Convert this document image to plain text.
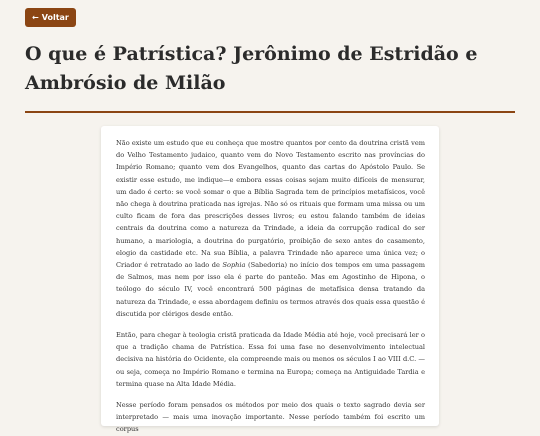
← Voltar
O que é Patrística? Jerônimo de Estridão e Ambrósio de Milão

Não existe um estudo que eu conheça que mostre quantos por cento da doutrina cristã vem do Velho Testamento judaico, quanto vem do Novo Testamento escrito nas províncias do Império Romano; quanto vem dos Evangelhos, quanto das cartas do Apóstolo Paulo. Se existir esse estudo, me indique—e embora essas coisas sejam muito difíceis de mensurar, um dado é certo: se você somar o que a Bíblia Sagrada tem de princípios metafísicos, você não chega à doutrina praticada nas igrejas. Não só os rituais que formam uma missa ou um culto ficam de fora das prescrições desses livros; eu estou falando também de ideias centrais da doutrina como a natureza da Trindade, a ideia da corrupção radical do ser humano, a mariologia, a doutrina do purgatório, proibição de sexo antes do casamento, elogio da castidade etc. Na sua Bíblia, a palavra Trindade não aparece uma única vez; o Criador é retratado ao lado de Sophia (Sabedoria) no início dos tempos em uma passagem de Salmos, mas nem por isso ela é parte do panteão. Mas em Agostinho de Hipona, o teólogo do século IV, você encontrará 500 páginas de metafísica densa tratando da natureza da Trindade, e essa abordagem definiu os termos através dos quais essa questão é discutida por clérigos desde então.

Então, para chegar à teologia cristã praticada da Idade Média até hoje, você precisará ler o que a tradição chama de Patrística. Essa foi uma fase no desenvolvimento intelectual decisiva na história do Ocidente, ela compreende mais ou menos os séculos I ao VIII d.C. — ou seja, começa no Império Romano e termina na Europa; começa na Antiguidade Tardia e termina quase na Alta Idade Média.

Nesse período foram pensados os métodos por meio dos quais o texto sagrado devia ser interpretado — mais uma inovação importante. Nesse período também foi escrito um corpus
